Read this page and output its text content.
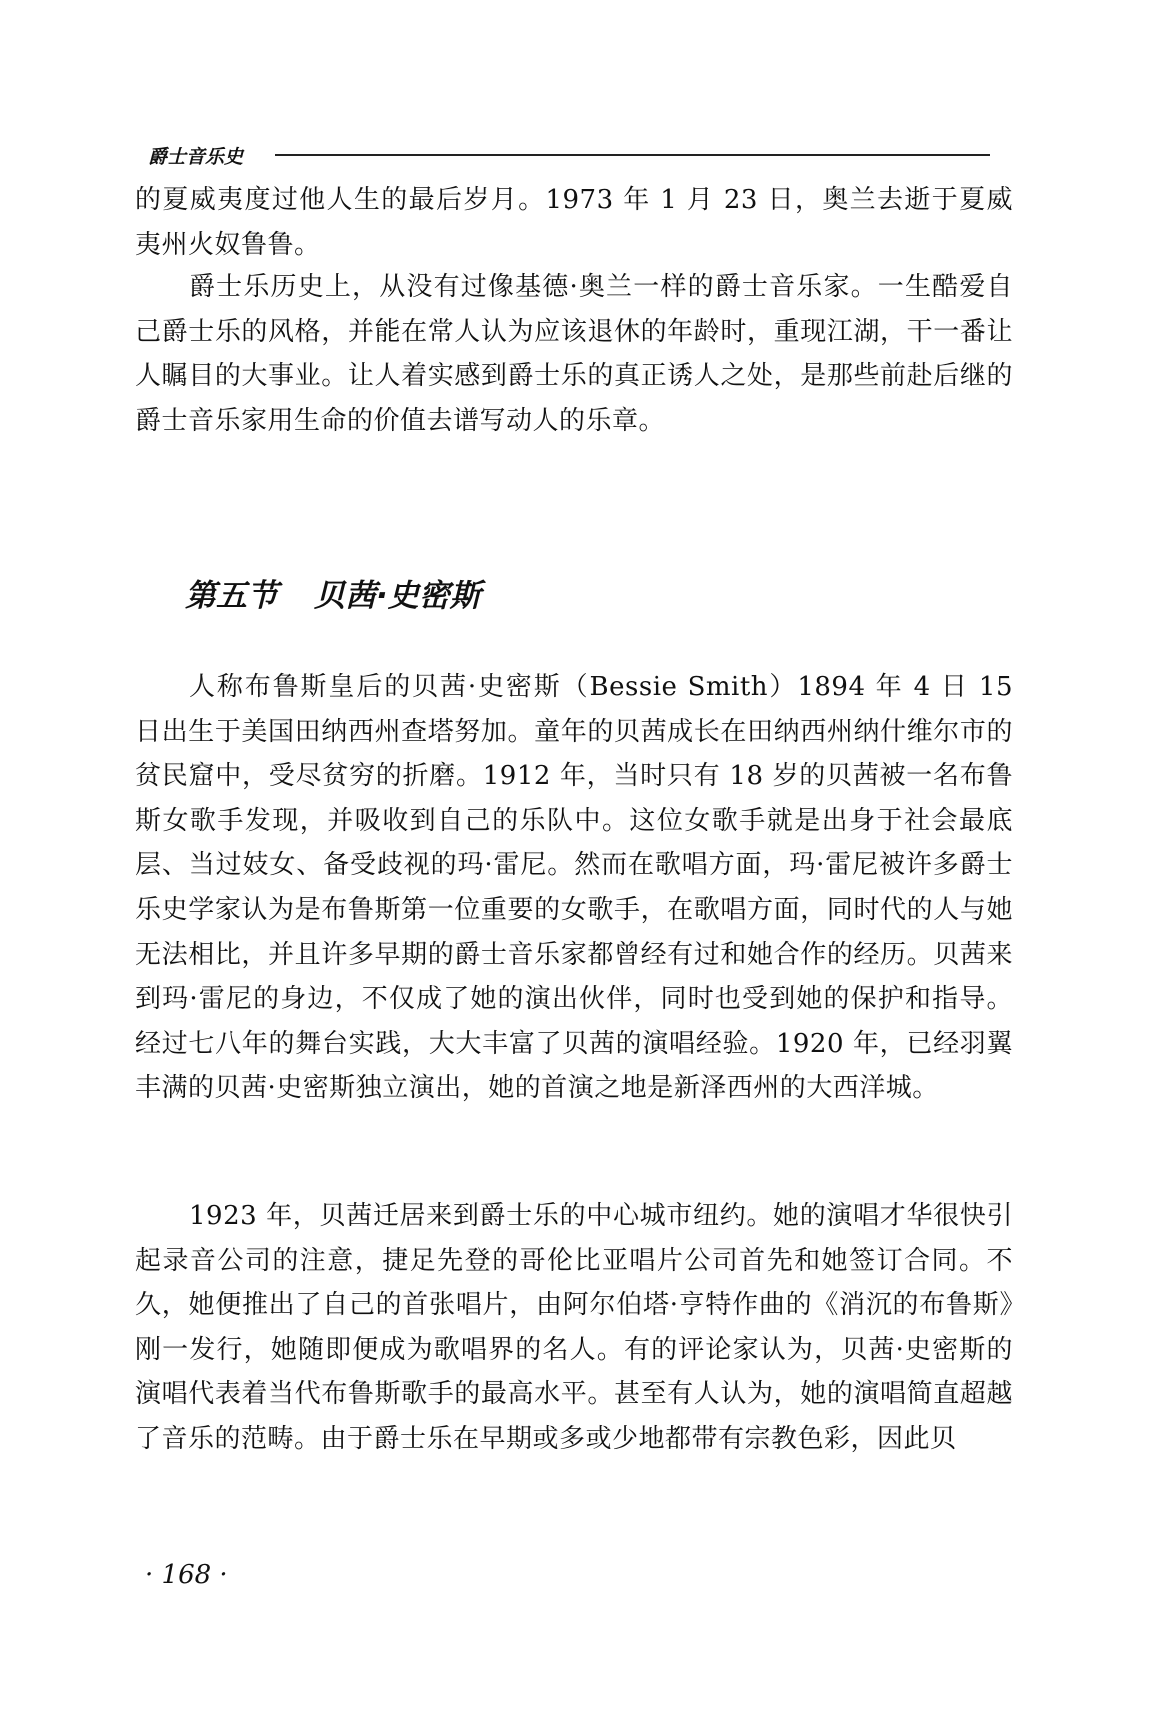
爵士音乐史

的夏威夷度过他人生的最后岁月。1973 年 1 月 23 日，奥兰去逝于夏威夷州火奴鲁鲁。

爵士乐历史上，从没有过像基德·奥兰一样的爵士音乐家。一生酷爱自己爵士乐的风格，并能在常人认为应该退休的年龄时，重现江湖，干一番让人瞩目的大事业。让人着实感到爵士乐的真正诱人之处，是那些前赴后继的爵士音乐家用生命的价值去谱写动人的乐章。

第五节 贝茜·史密斯

人称布鲁斯皇后的贝茜·史密斯（Bessie Smith）1894 年 4 日 15 日出生于美国田纳西州查塔努加。童年的贝茜成长在田纳西州纳什维尔市的贫民窟中，受尽贫穷的折磨。1912 年，当时只有 18 岁的贝茜被一名布鲁斯女歌手发现，并吸收到自己的乐队中。这位女歌手就是出身于社会最底层、当过妓女、备受歧视的玛·雷尼。然而在歌唱方面，玛·雷尼被许多爵士乐史学家认为是布鲁斯第一位重要的女歌手，在歌唱方面，同时代的人与她无法相比，并且许多早期的爵士音乐家都曾经有过和她合作的经历。贝茜来到玛·雷尼的身边，不仅成了她的演出伙伴，同时也受到她的保护和指导。经过七八年的舞台实践，大大丰富了贝茜的演唱经验。1920 年，已经羽翼丰满的贝茜·史密斯独立演出，她的首演之地是新泽西州的大西洋城。

1923 年，贝茜迁居来到爵士乐的中心城市纽约。她的演唱才华很快引起录音公司的注意，捷足先登的哥伦比亚唱片公司首先和她签订合同。不久，她便推出了自己的首张唱片，由阿尔伯塔·亨特作曲的《消沉的布鲁斯》刚一发行，她随即便成为歌唱界的名人。有的评论家认为，贝茜·史密斯的演唱代表着当代布鲁斯歌手的最高水平。甚至有人认为，她的演唱简直超越了音乐的范畴。由于爵士乐在早期或多或少地都带有宗教色彩，因此贝

· 168 ·
